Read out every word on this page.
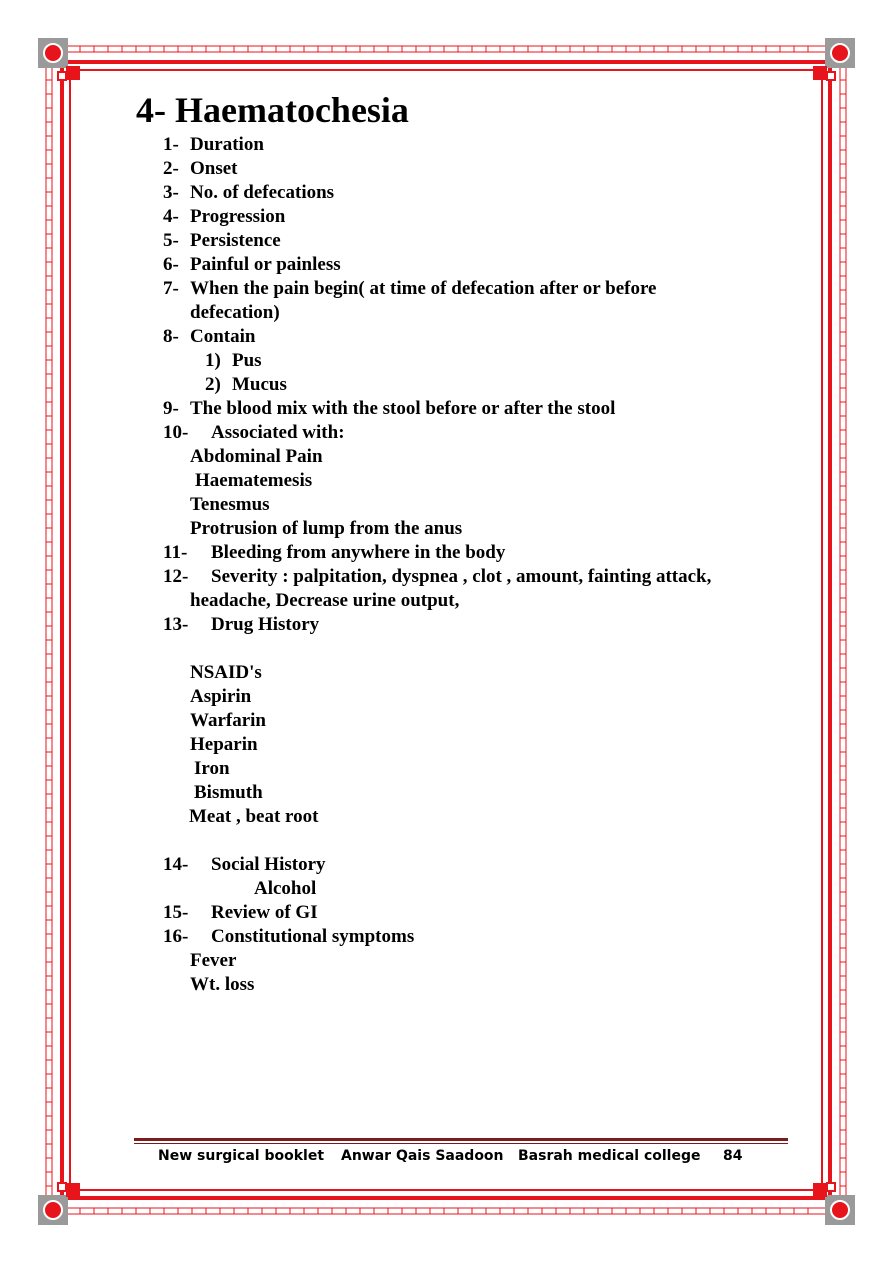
4- Haematochesia
1- Duration
2- Onset
3- No. of defecations
4- Progression
5- Persistence
6- Painful or painless
7- When the pain begin( at time of defecation after or before
defecation)
8- Contain
1) Pus
2) Mucus
9- The blood mix with the stool before or after the stool
10- Associated with:
Abdominal Pain
Haematemesis
Tenesmus
Protrusion of lump from the anus
11- Bleeding from anywhere in the body
12- Severity : palpitation, dyspnea , clot , amount, fainting attack,
headache, Decrease urine output,
13- Drug History
NSAID's
Aspirin
Warfarin
Heparin
Iron
Bismuth
Meat , beat root
14- Social History
Alcohol
15- Review of GI
16- Constitutional symptoms
Fever
Wt. loss
New surgical booklet Anwar Qais Saadoon Basrah medical college 84
